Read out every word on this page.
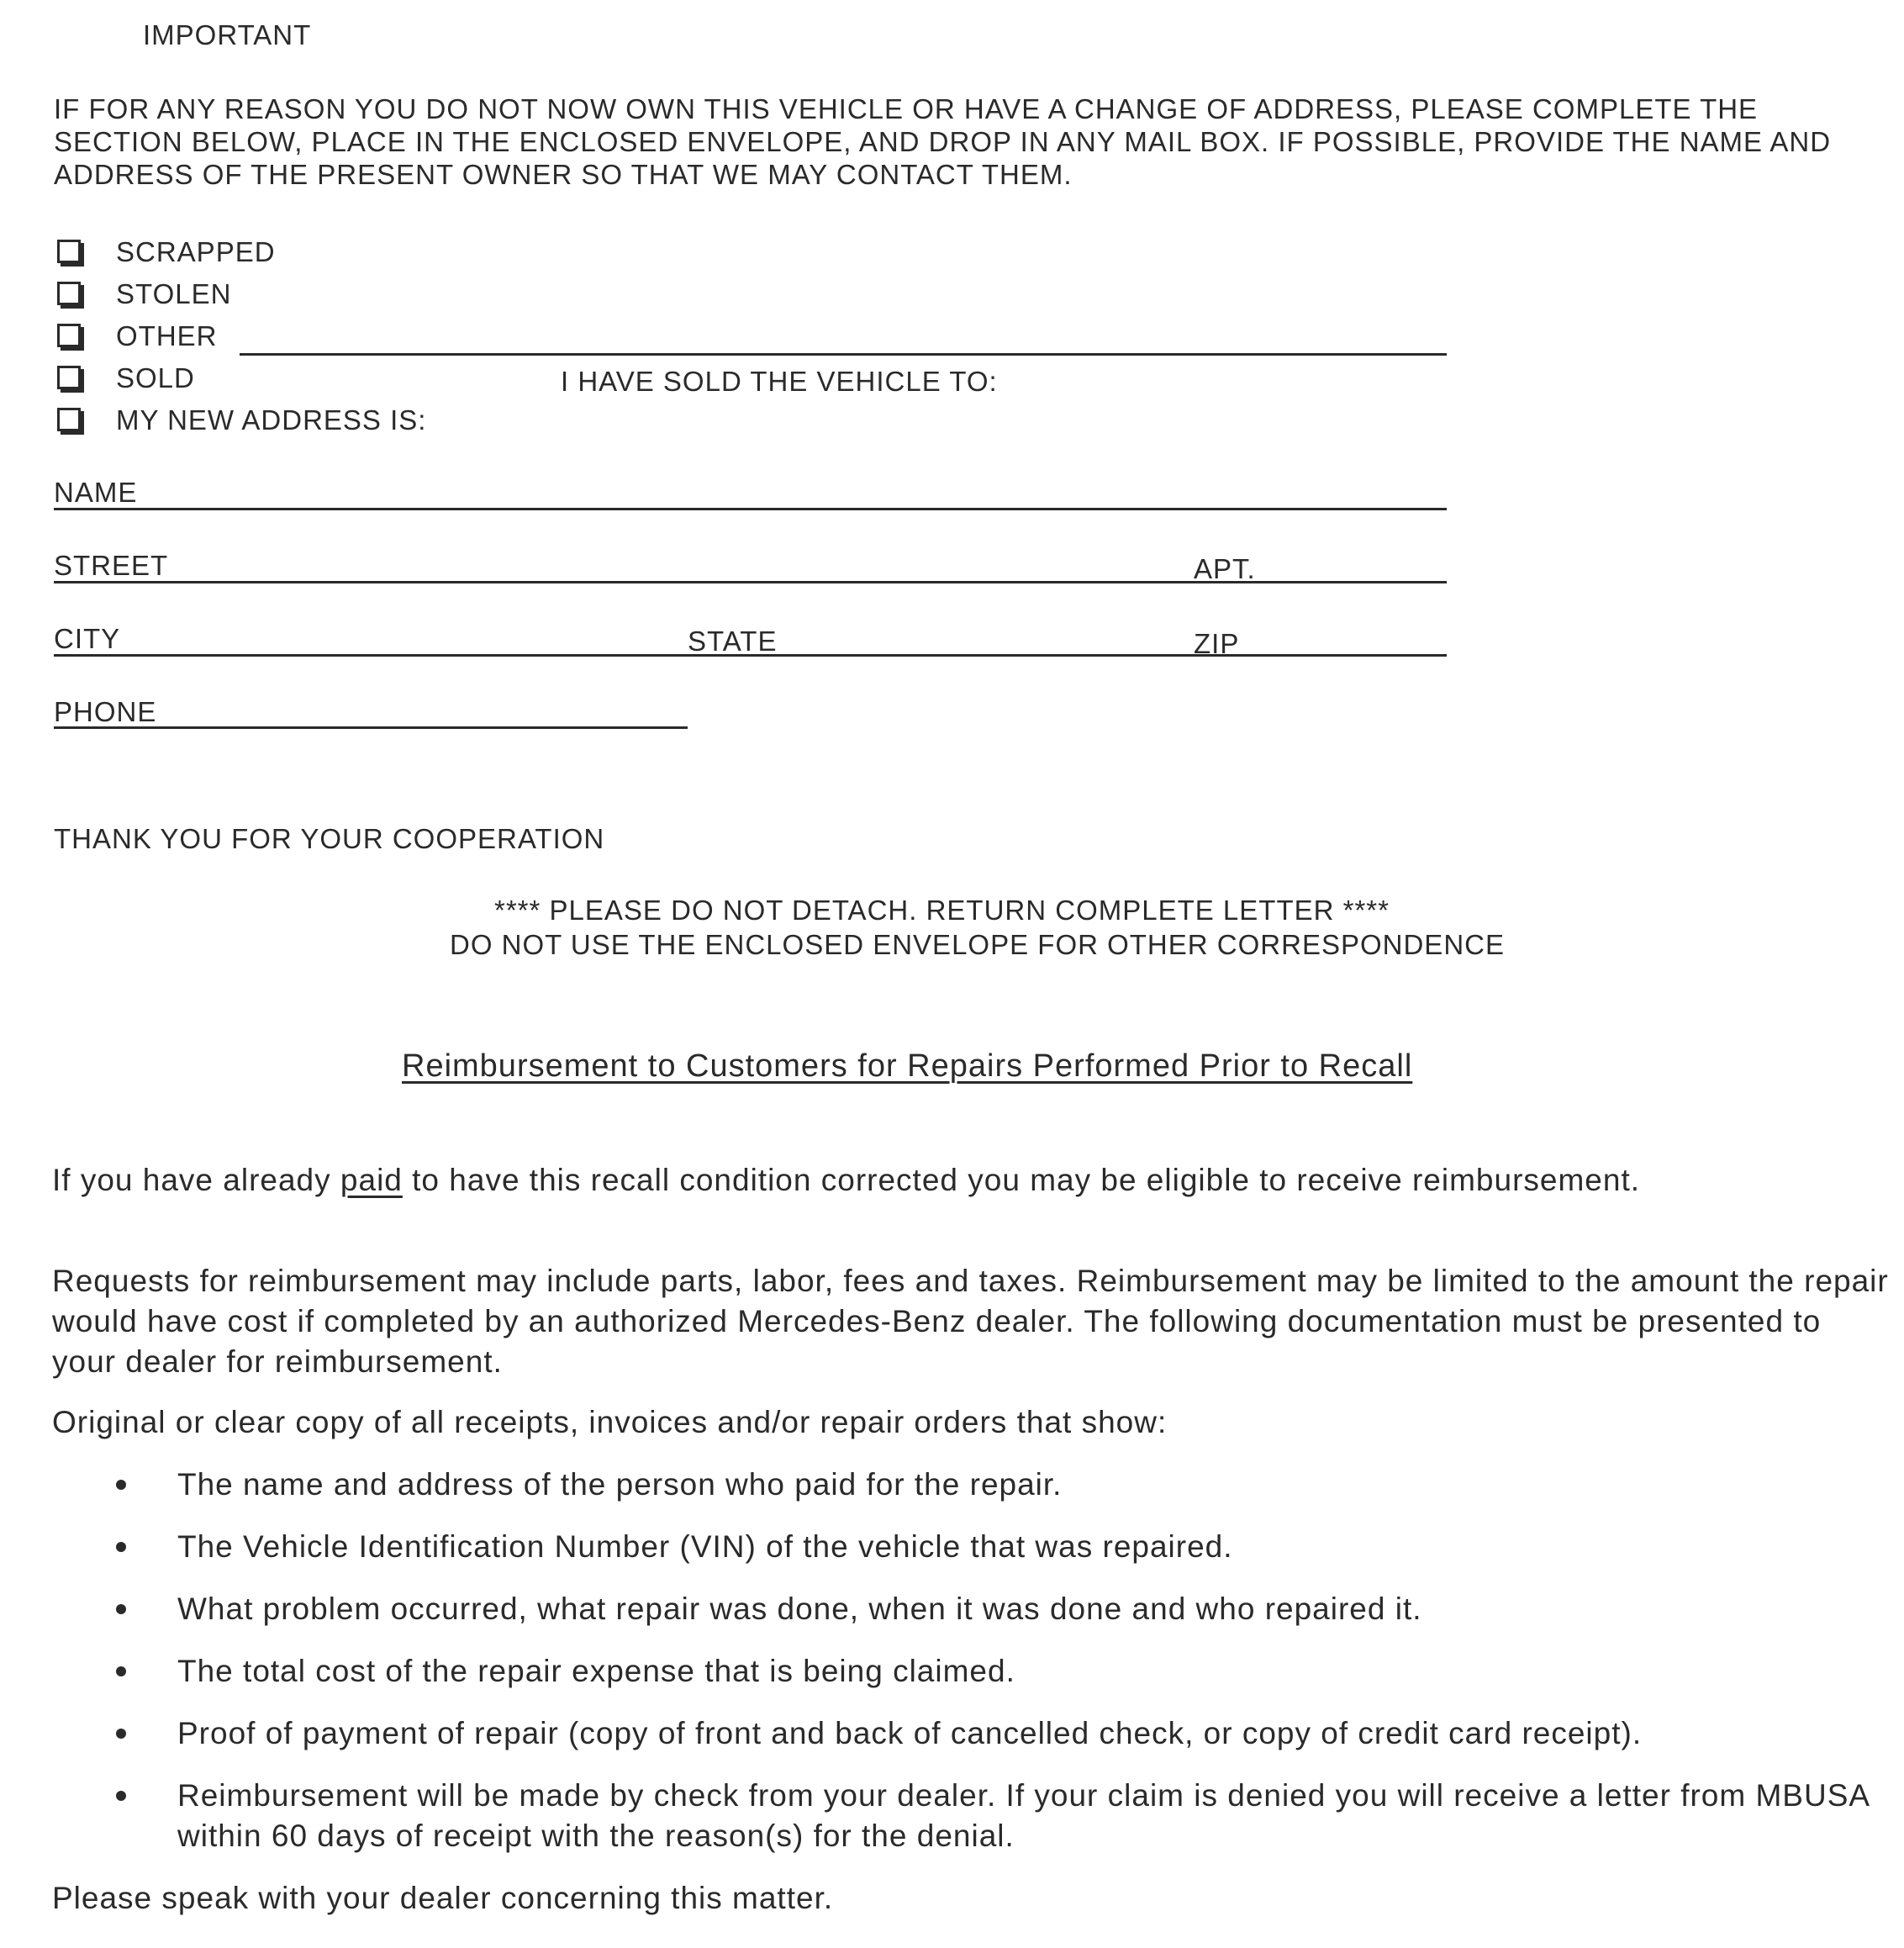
IMPORTANT
IF FOR ANY REASON YOU DO NOT NOW OWN THIS VEHICLE OR HAVE A CHANGE OF ADDRESS, PLEASE COMPLETE THE
SECTION BELOW, PLACE IN THE ENCLOSED ENVELOPE, AND DROP IN ANY MAIL BOX. IF POSSIBLE, PROVIDE THE NAME AND
ADDRESS OF THE PRESENT OWNER SO THAT WE MAY CONTACT THEM.
SCRAPPED
STOLEN
OTHER
SOLD	I HAVE SOLD THE VEHICLE TO:
MY NEW ADDRESS IS:
NAME
STREET	APT.
CITY	STATE	ZIP
PHONE
THANK YOU FOR YOUR COOPERATION
**** PLEASE DO NOT DETACH. RETURN COMPLETE LETTER ****
DO NOT USE THE ENCLOSED ENVELOPE FOR OTHER CORRESPONDENCE
Reimbursement to Customers for Repairs Performed Prior to Recall
If you have already paid to have this recall condition corrected you may be eligible to receive reimbursement.
Requests for reimbursement may include parts, labor, fees and taxes. Reimbursement may be limited to the amount the repair would have cost if completed by an authorized Mercedes-Benz dealer. The following documentation must be presented to your dealer for reimbursement.
Original or clear copy of all receipts, invoices and/or repair orders that show:
The name and address of the person who paid for the repair.
The Vehicle Identification Number (VIN) of the vehicle that was repaired.
What problem occurred, what repair was done, when it was done and who repaired it.
The total cost of the repair expense that is being claimed.
Proof of payment of repair (copy of front and back of cancelled check, or copy of credit card receipt).
Reimbursement will be made by check from your dealer. If your claim is denied you will receive a letter from MBUSA within 60 days of receipt with the reason(s) for the denial.
Please speak with your dealer concerning this matter.
